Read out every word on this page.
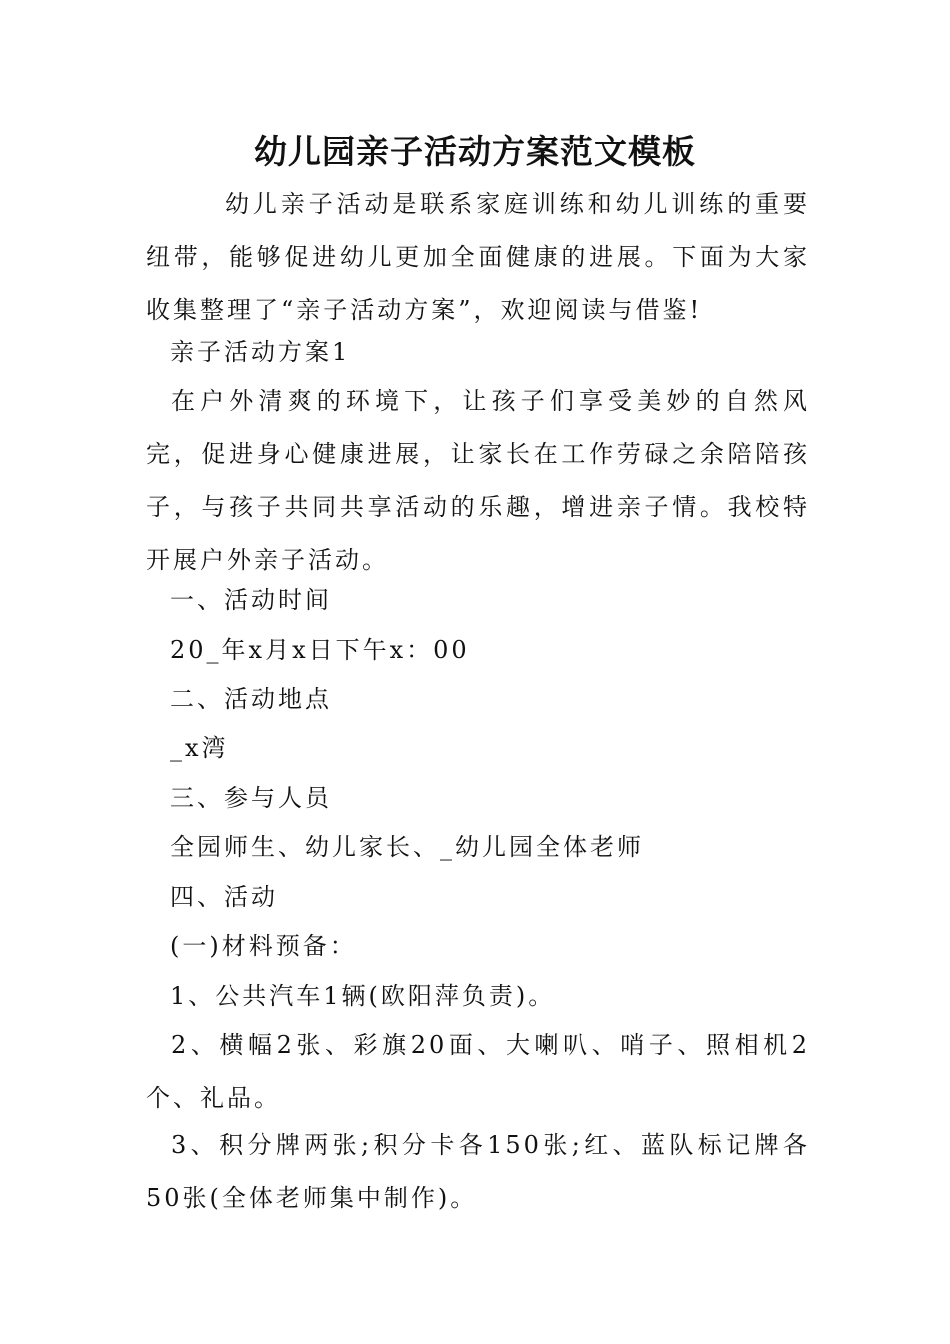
幼儿园亲子活动方案范文模板
幼儿亲子活动是联系家庭训练和幼儿训练的重要纽带，能够促进幼儿更加全面健康的进展。下面为大家收集整理了“亲子活动方案”，欢迎阅读与借鉴!
亲子活动方案1
在户外清爽的环境下，让孩子们享受美妙的自然风完，促进身心健康进展，让家长在工作劳碌之余陪陪孩子，与孩子共同共享活动的乐趣，增进亲子情。我校特开展户外亲子活动。
一、活动时间
20_年x月x日下午x：00
二、活动地点
_x湾
三、参与人员
全园师生、幼儿家长、_幼儿园全体老师
四、活动
(一)材料预备：
1、公共汽车1辆(欧阳萍负责)。
2、横幅2张、彩旗20面、大喇叭、哨子、照相机2个、礼品。
3、积分牌两张;积分卡各150张;红、蓝队标记牌各50张(全体老师集中制作)。
